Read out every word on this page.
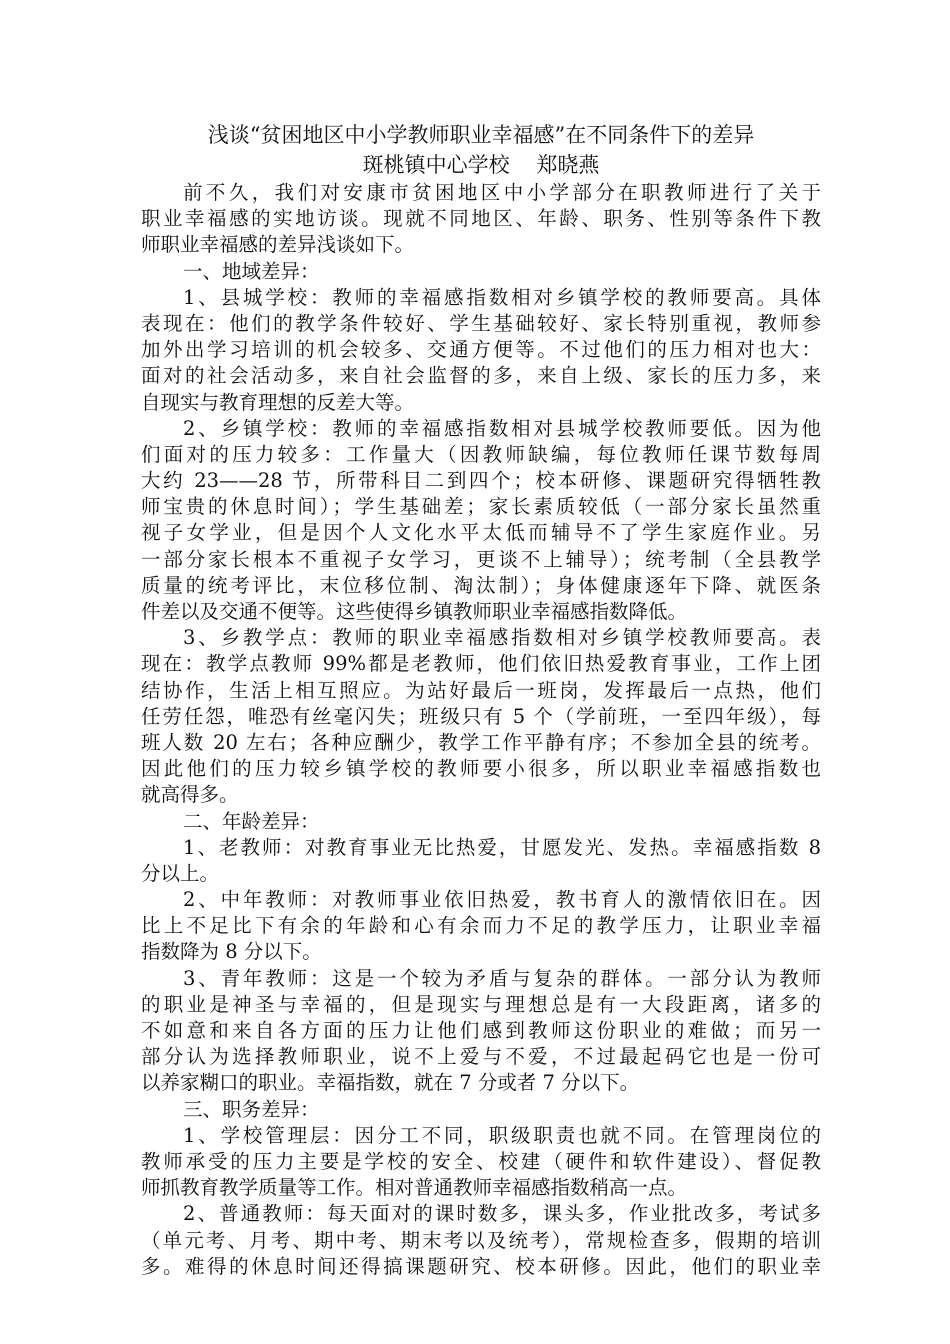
浅谈“贫困地区中小学教师职业幸福感”在不同条件下的差异

斑桃镇中心学校    郑晓燕

前不久，我们对安康市贫困地区中小学部分在职教师进行了关于

职业幸福感的实地访谈。现就不同地区、年龄、职务、性别等条件下教

师职业幸福感的差异浅谈如下。

一、地域差异：

1、县城学校：教师的幸福感指数相对乡镇学校的教师要高。具体

表现在：他们的教学条件较好、学生基础较好、家长特别重视，教师参

加外出学习培训的机会较多、交通方便等。不过他们的压力相对也大：

面对的社会活动多，来自社会监督的多，来自上级、家长的压力多，来

自现实与教育理想的反差大等。

2、乡镇学校：教师的幸福感指数相对县城学校教师要低。因为他

们面对的压力较多：工作量大（因教师缺编，每位教师任课节数每周

大约 23——28 节，所带科目二到四个；校本研修、课题研究得牺牲教

师宝贵的休息时间）；学生基础差；家长素质较低（一部分家长虽然重

视子女学业，但是因个人文化水平太低而辅导不了学生家庭作业。另

一部分家长根本不重视子女学习，更谈不上辅导）；统考制（全县教学

质量的统考评比，末位移位制、淘汰制）；身体健康逐年下降、就医条

件差以及交通不便等。这些使得乡镇教师职业幸福感指数降低。

3、乡教学点：教师的职业幸福感指数相对乡镇学校教师要高。表

现在：教学点教师 99%都是老教师，他们依旧热爱教育事业，工作上团

结协作，生活上相互照应。为站好最后一班岗，发挥最后一点热，他们

任劳任怨，唯恐有丝毫闪失；班级只有 5 个（学前班，一至四年级），每

班人数 20 左右；各种应酬少，教学工作平静有序；不参加全县的统考。

因此他们的压力较乡镇学校的教师要小很多，所以职业幸福感指数也

就高得多。

二、年龄差异：

1、老教师：对教育事业无比热爱，甘愿发光、发热。幸福感指数 8

分以上。

2、中年教师：对教师事业依旧热爱，教书育人的激情依旧在。因

比上不足比下有余的年龄和心有余而力不足的教学压力，让职业幸福

指数降为 8 分以下。

3、青年教师：这是一个较为矛盾与复杂的群体。一部分认为教师

的职业是神圣与幸福的，但是现实与理想总是有一大段距离，诸多的

不如意和来自各方面的压力让他们感到教师这份职业的难做；而另一

部分认为选择教师职业，说不上爱与不爱，不过最起码它也是一份可

以养家糊口的职业。幸福指数，就在 7 分或者 7 分以下。

三、职务差异：

1、学校管理层：因分工不同，职级职责也就不同。在管理岗位的

教师承受的压力主要是学校的安全、校建（硬件和软件建设）、督促教

师抓教育教学质量等工作。相对普通教师幸福感指数稍高一点。

2、普通教师：每天面对的课时数多，课头多，作业批改多，考试多

（单元考、月考、期中考、期末考以及统考），常规检查多，假期的培训

多。难得的休息时间还得搞课题研究、校本研修。因此，他们的职业幸
